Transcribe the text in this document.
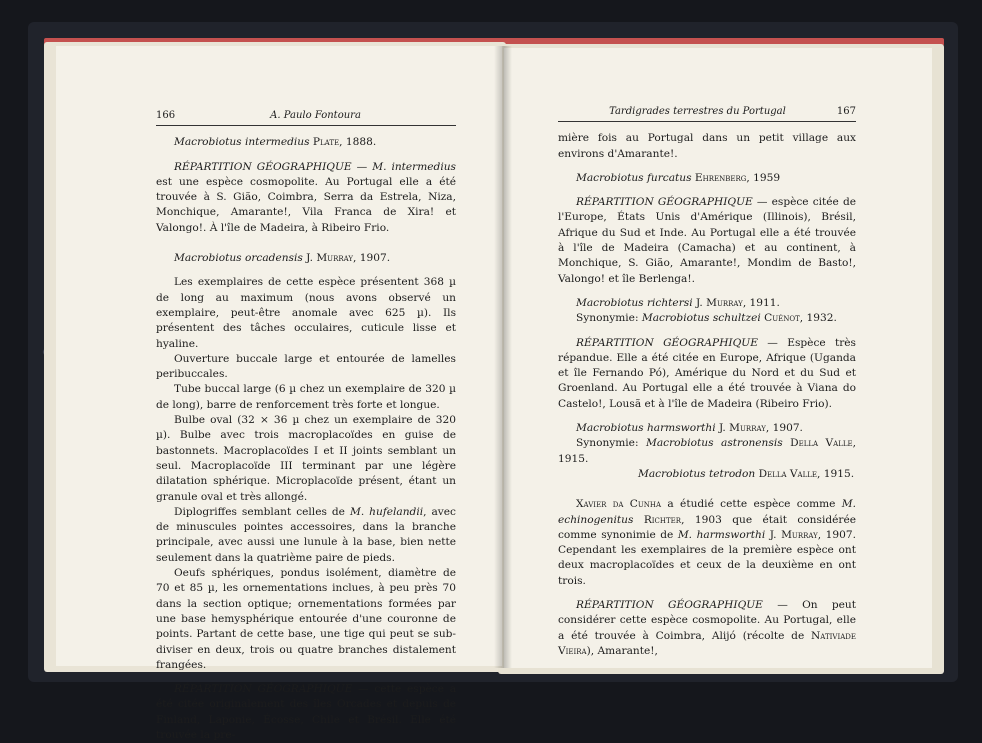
166	A. Paulo Fontoura

Macrobiotus intermedius Plate, 1888.

RÉPARTITION GÉOGRAPHIQUE — M. intermedius est une espèce cosmopolite. Au Portugal elle a été trouvée à S. Gião, Coimbra, Serra da Estrela, Niza, Monchique, Amarante!, Vila Franca de Xira! et Valongo!. À l'île de Madeira, à Ribeiro Frio.

Macrobiotus orcadensis J. Murray, 1907.

Les exemplaires de cette espèce présentent 368 µ de long au maximum (nous avons observé un exemplaire, peut-être anomale avec 625 µ). Ils présentent des tâches occulaires, cuticule lisse et hyaline.

Ouverture buccale large et entourée de lamelles peribuccales.

Tube buccal large (6 µ chez un exemplaire de 320 µ de long), barre de renforcement très forte et longue.

Bulbe oval (32 × 36 µ chez un exemplaire de 320 µ). Bulbe avec trois macroplacoïdes en guise de bastonnets. Macroplacoïdes I et II joints semblant un seul. Macroplacoïde III terminant par une légère dilatation sphérique. Microplacoïde présent, étant un granule oval et très allongé.

Diplogriffes semblant celles de M. hufelandii, avec de minuscules pointes accessoires, dans la branche principale, avec aussi une lunule à la base, bien nette seulement dans la quatrième paire de pieds.

Oeufs sphériques, pondus isolément, diamètre de 70 et 85 µ, les ornementations inclues, à peu près 70 dans la section optique; ornementations formées par une base hemysphérique entourée d'une couronne de points. Partant de cette base, une tige qui peut se sub-diviser en deux, trois ou quatre branches distalement frangées.

RÉPARTITION GÉOGRAPHIQUE — cette espèce a été citée originalement des îles Orcades et depuis de Finland, Laponie, Écosse, Chile et Brésil. Elle été trouvée la pre-

Tardigrades terrestres du Portugal	167

mière fois au Portugal dans un petit village aux environs d'Amarante!.

Macrobiotus furcatus Ehrenberg, 1959

RÉPARTITION GÉOGRAPHIQUE — espèce citée de l'Europe, États Unis d'Amérique (Illinois), Brésil, Afrique du Sud et Inde. Au Portugal elle a été trouvée à l'île de Madeira (Camacha) et au continent, à Monchique, S. Gião, Amarante!, Mondim de Basto!, Valongo! et île Berlenga!.

Macrobiotus richtersi J. Murray, 1911.

Synonymie: Macrobiotus schultzei Cuénot, 1932.

RÉPARTITION GÉOGRAPHIQUE — Espèce très répandue. Elle a été citée en Europe, Afrique (Uganda et île Fernando Pó), Amérique du Nord et du Sud et Groenland. Au Portugal elle a été trouvée à Viana do Castelo!, Lousã et à l'île de Madeira (Ribeiro Frio).

Macrobiotus harmsworthi J. Murray, 1907.

Synonymie: Macrobiotus astronensis Della Valle, 1915.

Macrobiotus tetrodon Della Valle, 1915.

Xavier da Cunha a étudié cette espèce comme M. echinogenitus Richter, 1903 que était considérée comme synonimie de M. harmsworthi J. Murray, 1907. Cependant les exemplaires de la première espèce ont deux macroplacoïdes et ceux de la deuxième en ont trois.

RÉPARTITION GÉOGRAPHIQUE — On peut considérer cette espèce cosmopolite. Au Portugal, elle a été trouvée à Coimbra, Alijó (récolte de Nativiade Vieira), Amarante!,
